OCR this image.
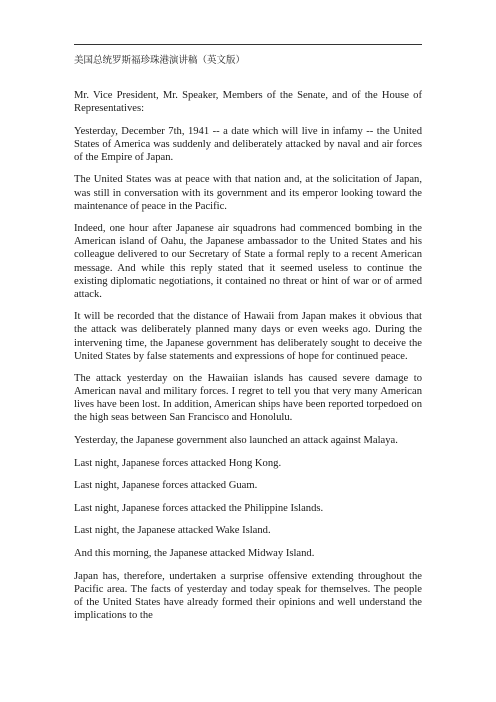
美国总统罗斯福珍珠港演讲稿（英文版）

Mr. Vice President, Mr. Speaker, Members of the Senate, and of the House of Representatives:

Yesterday, December 7th, 1941 -- a date which will live in infamy -- the United States of America was suddenly and deliberately attacked by naval and air forces of the Empire of Japan.

The United States was at peace with that nation and, at the solicitation of Japan, was still in conversation with its government and its emperor looking toward the maintenance of peace in the Pacific.

Indeed, one hour after Japanese air squadrons had commenced bombing in the American island of Oahu, the Japanese ambassador to the United States and his colleague delivered to our Secretary of State a formal reply to a recent American message. And while this reply stated that it seemed useless to continue the existing diplomatic negotiations, it contained no threat or hint of war or of armed attack.

It will be recorded that the distance of Hawaii from Japan makes it obvious that the attack was deliberately planned many days or even weeks ago. During the intervening time, the Japanese government has deliberately sought to deceive the United States by false statements and expressions of hope for continued peace.

The attack yesterday on the Hawaiian islands has caused severe damage to American naval and military forces. I regret to tell you that very many American lives have been lost. In addition, American ships have been reported torpedoed on the high seas between San Francisco and Honolulu.

Yesterday, the Japanese government also launched an attack against Malaya.

Last night, Japanese forces attacked Hong Kong.

Last night, Japanese forces attacked Guam.

Last night, Japanese forces attacked the Philippine Islands.

Last night, the Japanese attacked Wake Island.

And this morning, the Japanese attacked Midway Island.

Japan has, therefore, undertaken a surprise offensive extending throughout the Pacific area. The facts of yesterday and today speak for themselves. The people of the United States have already formed their opinions and well understand the implications to the
